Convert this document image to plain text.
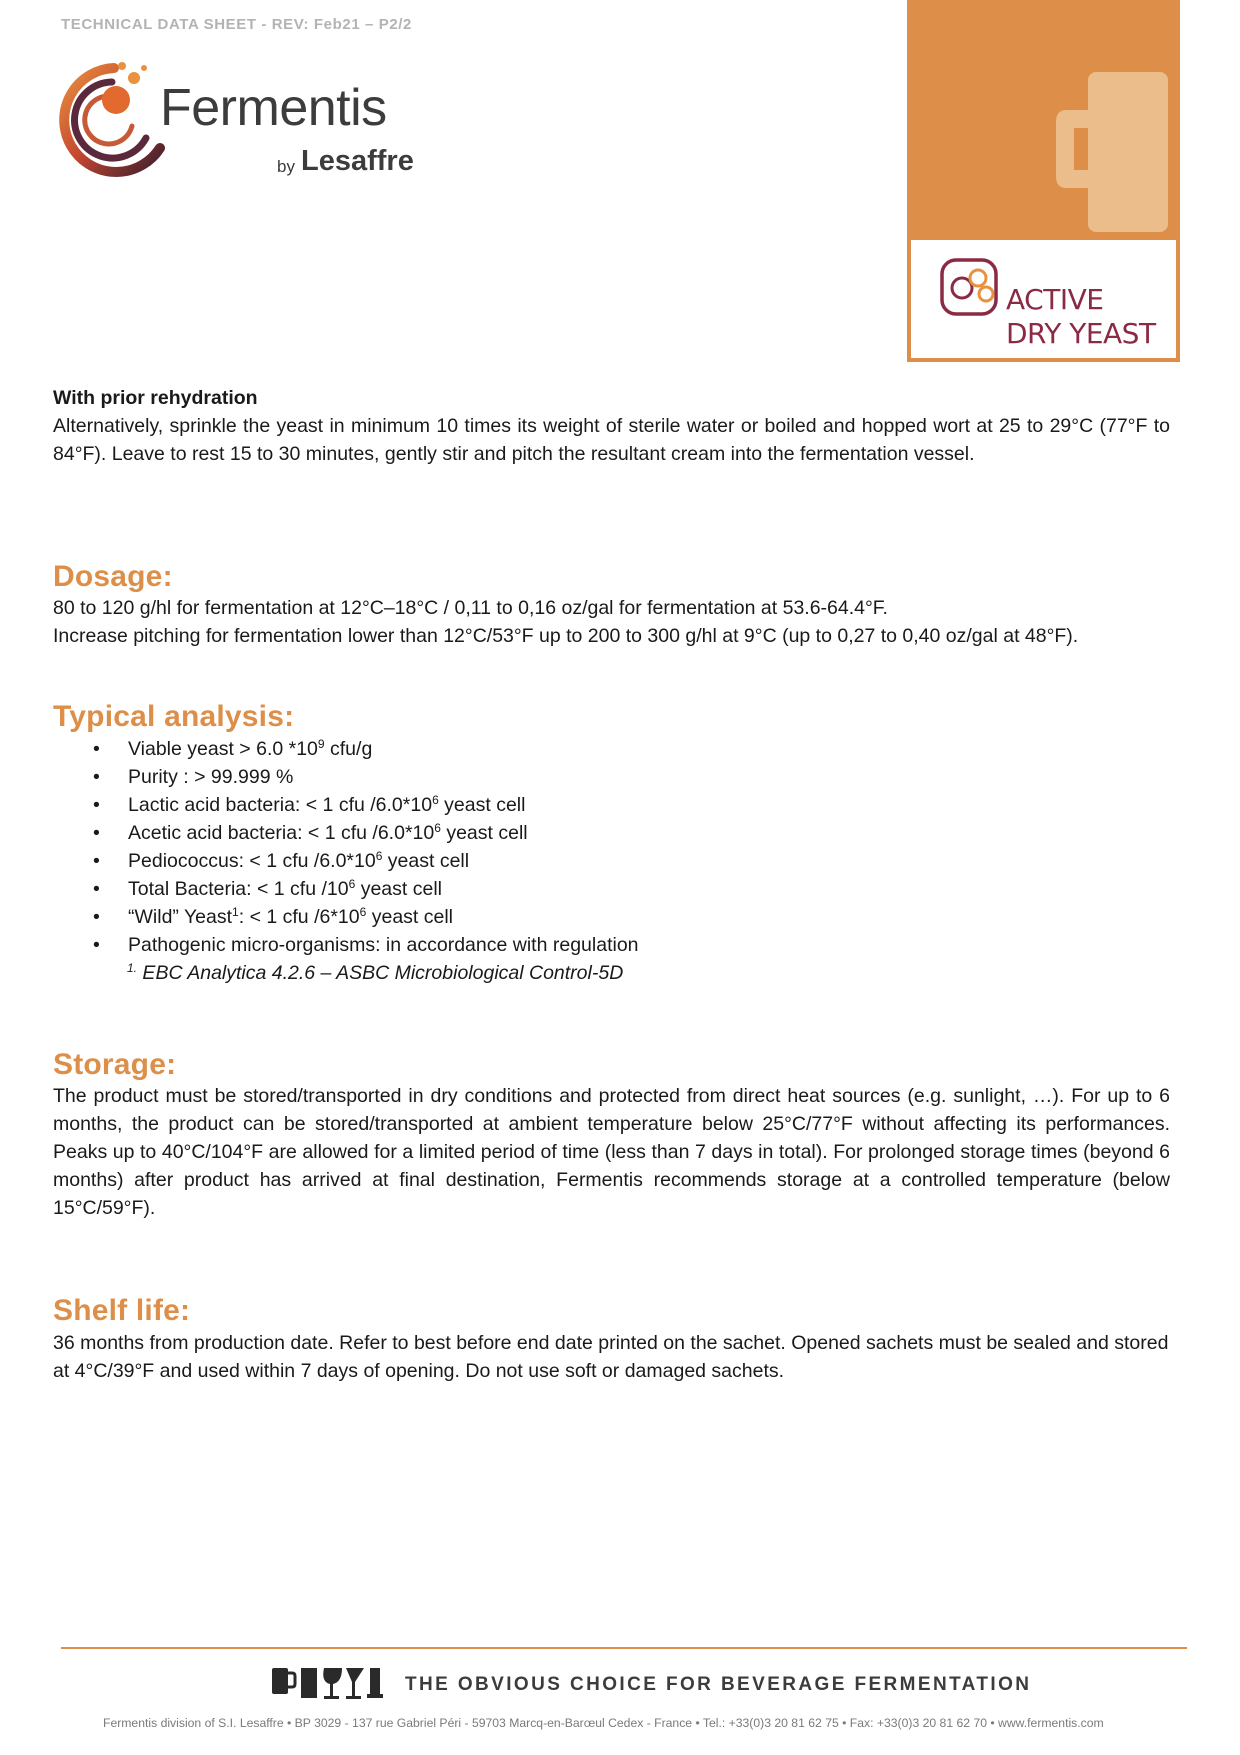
TECHNICAL DATA SHEET - REV: Feb21 – P2/2
Fermentis
by Lesaffre
ACTIVE
DRY YEAST

With prior rehydration

Alternatively, sprinkle the yeast in minimum 10 times its weight of sterile water or boiled and hopped wort at 25 to 29°C (77°F to 84°F). Leave to rest 15 to 30 minutes, gently stir and pitch the resultant cream into the fermentation vessel.

Dosage:

80 to 120 g/hl for fermentation at 12°C–18°C / 0,11 to 0,16 oz/gal for fermentation at 53.6-64.4°F.

Increase pitching for fermentation lower than 12°C/53°F up to 200 to 300 g/hl at 9°C (up to 0,27 to 0,40 oz/gal at 48°F).

Typical analysis:

• Viable yeast > 6.0 $*10^9$ cfu/g
• Purity : > 99.999 %
• Lactic acid bacteria: < 1 cfu $/6.0*10^6$ yeast cell
• Acetic acid bacteria: < 1 cfu $/6.0*10^6$ yeast cell
• Pediococcus: < 1 cfu $/6.0*10^6$ yeast cell
• Total Bacteria: < 1 cfu $/10^6$ yeast cell
• “Wild” Yeast$^1$: < 1 cfu $/6*10^6$ yeast cell
• Pathogenic micro-organisms: in accordance with regulation
$^{1.}$ EBC Analytica 4.2.6 – ASBC Microbiological Control-5D

Storage:

The product must be stored/transported in dry conditions and protected from direct heat sources (e.g. sunlight, …). For up to 6 months, the product can be stored/transported at ambient temperature below 25°C/77°F without affecting its performances. Peaks up to 40°C/104°F are allowed for a limited period of time (less than 7 days in total). For prolonged storage times (beyond 6 months) after product has arrived at final destination, Fermentis recommends storage at a controlled temperature (below 15°C/59°F).

Shelf life:

36 months from production date. Refer to best before end date printed on the sachet. Opened sachets must be sealed and stored at 4°C/39°F and used within 7 days of opening. Do not use soft or damaged sachets.

THE OBVIOUS CHOICE FOR BEVERAGE FERMENTATION
Fermentis division of S.I. Lesaffre • BP 3029 - 137 rue Gabriel Péri - 59703 Marcq-en-Barœul Cedex - France • Tel.: +33(0)3 20 81 62 75 • Fax: +33(0)3 20 81 62 70 • www.fermentis.com
